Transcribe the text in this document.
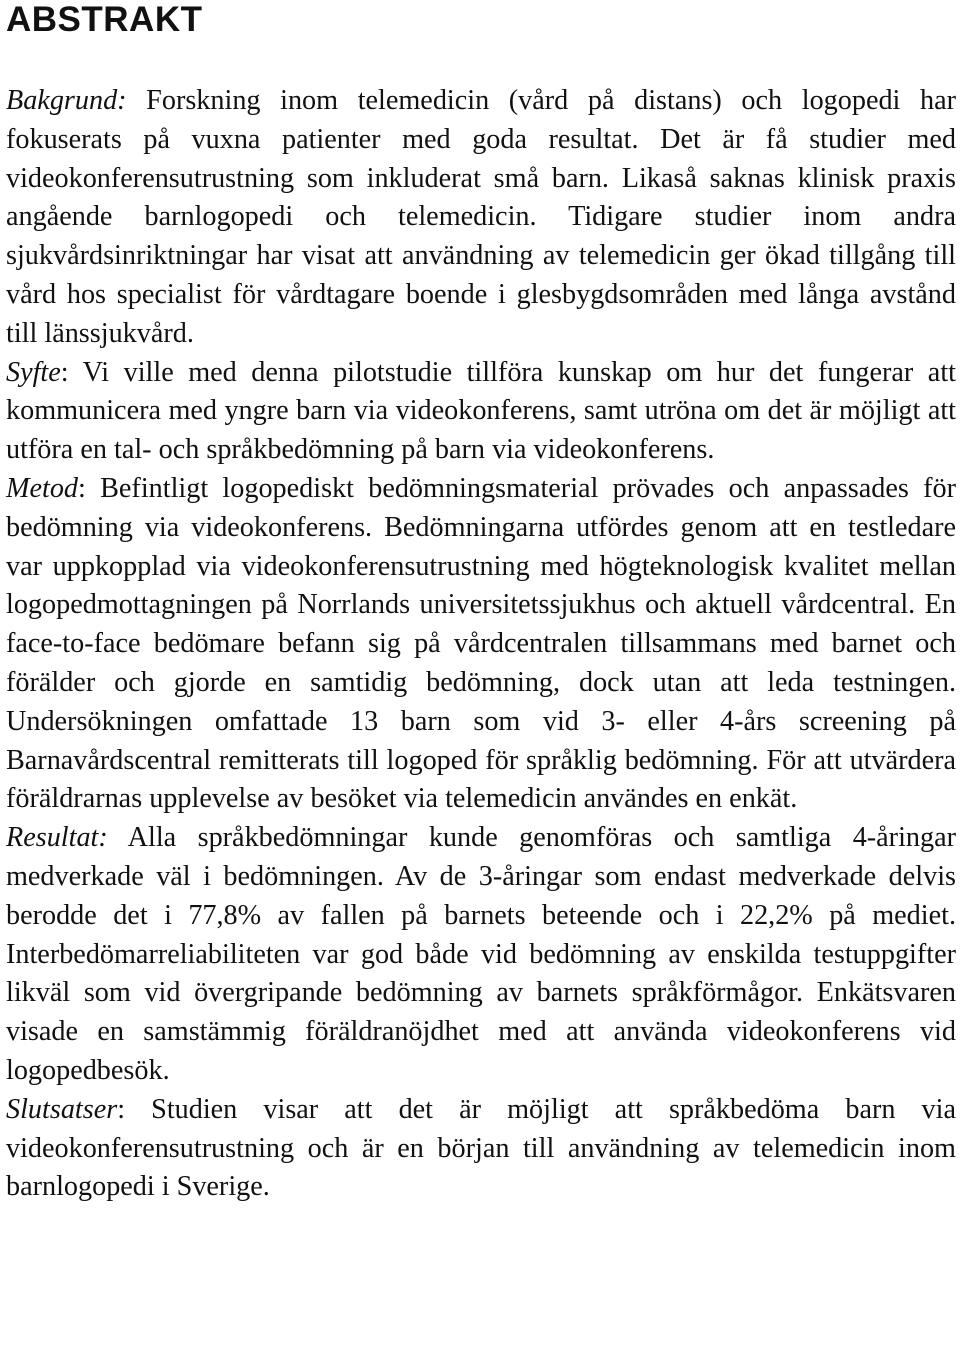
ABSTRAKT

Bakgrund: Forskning inom telemedicin (vård på distans) och logopedi har fokuserats på vuxna patienter med goda resultat. Det är få studier med videokonferensutrustning som inkluderat små barn. Likaså saknas klinisk praxis angående barnlogopedi och telemedicin. Tidigare studier inom andra sjukvårdsinriktningar har visat att användning av telemedicin ger ökad tillgång till vård hos specialist för vårdtagare boende i glesbygdsområden med långa avstånd till länssjukvård.

Syfte: Vi ville med denna pilotstudie tillföra kunskap om hur det fungerar att kommunicera med yngre barn via videokonferens, samt utröna om det är möjligt att utföra en tal- och språkbedömning på barn via videokonferens.

Metod: Befintligt logopediskt bedömningsmaterial prövades och anpassades för bedömning via videokonferens. Bedömningarna utfördes genom att en testledare var uppkopplad via videokonferensutrustning med högteknologisk kvalitet mellan logopedmottagningen på Norrlands universitetssjukhus och aktuell vårdcentral. En face-to-face bedömare befann sig på vårdcentralen tillsammans med barnet och förälder och gjorde en samtidig bedömning, dock utan att leda testningen. Undersökningen omfattade 13 barn som vid 3- eller 4-års screening på Barnavårdscentral remitterats till logoped för språklig bedömning. För att utvärdera föräldrarnas upplevelse av besöket via telemedicin användes en enkät.

Resultat: Alla språkbedömningar kunde genomföras och samtliga 4-åringar medverkade väl i bedömningen. Av de 3-åringar som endast medverkade delvis berodde det i 77,8% av fallen på barnets beteende och i 22,2% på mediet. Interbedömarreliabiliteten var god både vid bedömning av enskilda testuppgifter likväl som vid övergripande bedömning av barnets språkförmågor. Enkätsvaren visade en samstämmig föräldranöjdhet med att använda videokonferens vid logopedbesök.

Slutsatser: Studien visar att det är möjligt att språkbedöma barn via videokonferensutrustning och är en början till användning av telemedicin inom barnlogopedi i Sverige.
